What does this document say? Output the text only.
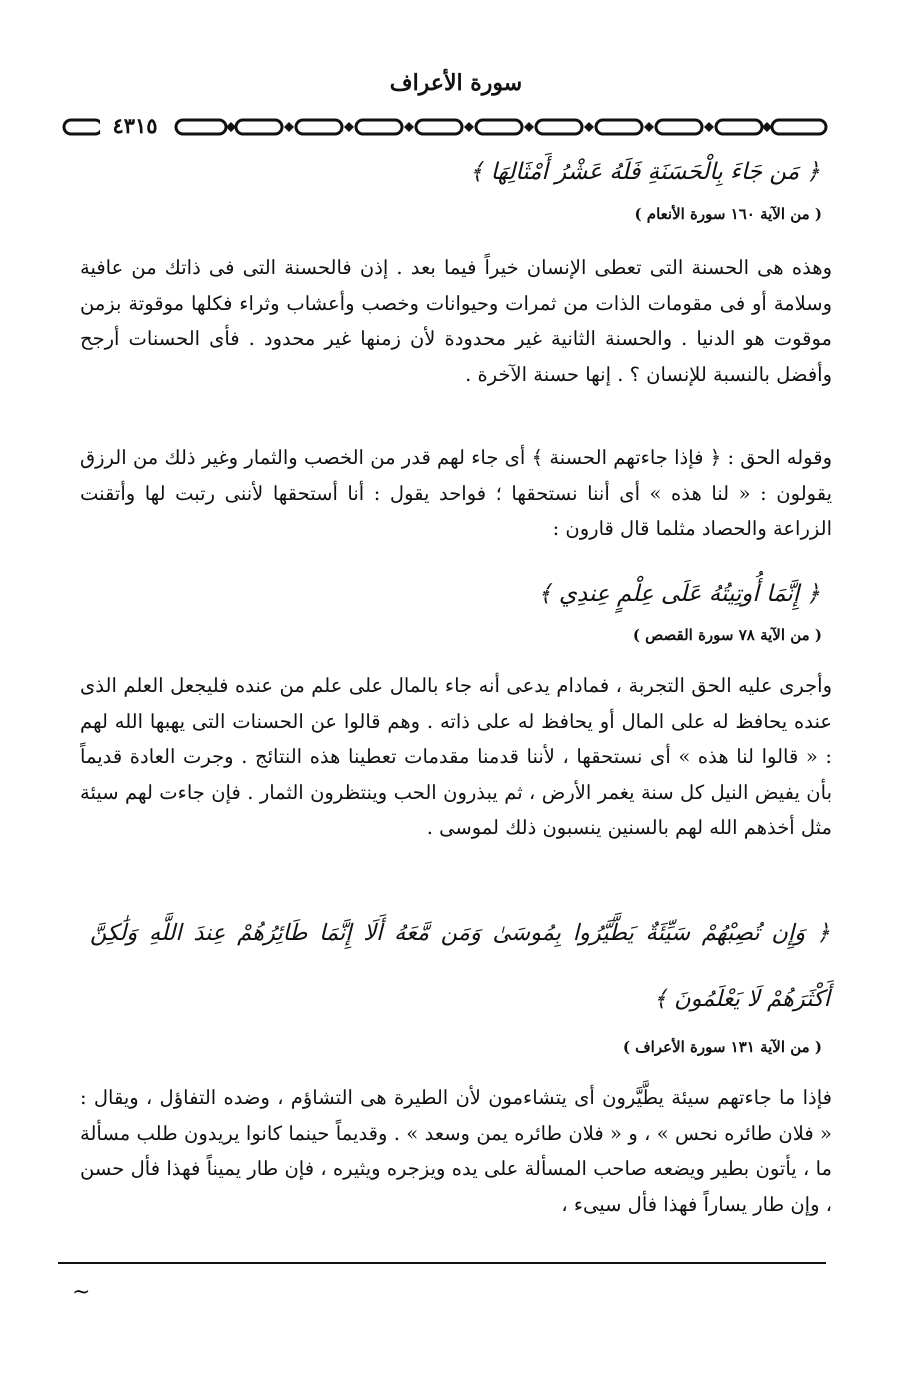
سورة الأعراف
٤٣١٥
﴿ مَن جَاءَ بِالْحَسَنَةِ فَلَهُ عَشْرُ أَمْثَالِهَا ﴾
( من الآية ١٦٠ سورة الأنعام )
وهذه هى الحسنة التى تعطى الإنسان خيراً فيما بعد . إذن فالحسنة التى فى ذاتك من عافية وسلامة أو فى مقومات الذات من ثمرات وحيوانات وخصب وأعشاب وثراء فكلها موقوتة بزمن موقوت هو الدنيا . والحسنة الثانية غير محدودة لأن زمنها غير محدود . فأى الحسنات أرجح وأفضل بالنسبة للإنسان ؟ . إنها حسنة الآخرة .
وقوله الحق : ﴿ فإذا جاءتهم الحسنة ﴾ أى جاء لهم قدر من الخصب والثمار وغير ذلك من الرزق يقولون : « لنا هذه » أى أننا نستحقها ؛ فواحد يقول : أنا أستحقها لأننى رتبت لها وأتقنت الزراعة والحصاد مثلما قال قارون :
﴿ إِنَّمَا أُوتِيتُهُ عَلَى عِلْمٍ عِندِي ﴾
( من الآية ٧٨ سورة القصص )
وأجرى عليه الحق التجربة ، فمادام يدعى أنه جاء بالمال على علم من عنده فليجعل العلم الذى عنده يحافظ له على المال أو يحافظ له على ذاته . وهم قالوا عن الحسنات التى يهبها الله لهم : « قالوا لنا هذه » أى نستحقها ، لأننا قدمنا مقدمات تعطينا هذه النتائج . وجرت العادة قديماً بأن يفيض النيل كل سنة يغمر الأرض ، ثم يبذرون الحب وينتظرون الثمار . فإن جاءت لهم سيئة مثل أخذهم الله لهم بالسنين ينسبون ذلك لموسى .
﴿ وَإِن تُصِبْهُمْ سَيِّئَةٌ يَطَّيَّرُوا بِمُوسَىٰ وَمَن مَّعَهُ أَلَا إِنَّمَا طَائِرُهُمْ عِندَ اللَّهِ وَلَٰكِنَّ أَكْثَرَهُمْ لَا يَعْلَمُونَ ﴾
( من الآية ١٣١ سورة الأعراف )
فإذا ما جاءتهم سيئة يطَّيَّرون أى يتشاءمون لأن الطيرة هى التشاؤم ، وضده التفاؤل ، ويقال : « فلان طائره نحس » ، و « فلان طائره يمن وسعد » . وقديماً حينما كانوا يريدون طلب مسألة ما ، يأتون بطير ويضعه صاحب المسألة على يده ويزجره ويثيره ، فإن طار يميناً فهذا فأل حسن ، وإن طار يساراً فهذا فأل سيىء ،
~
